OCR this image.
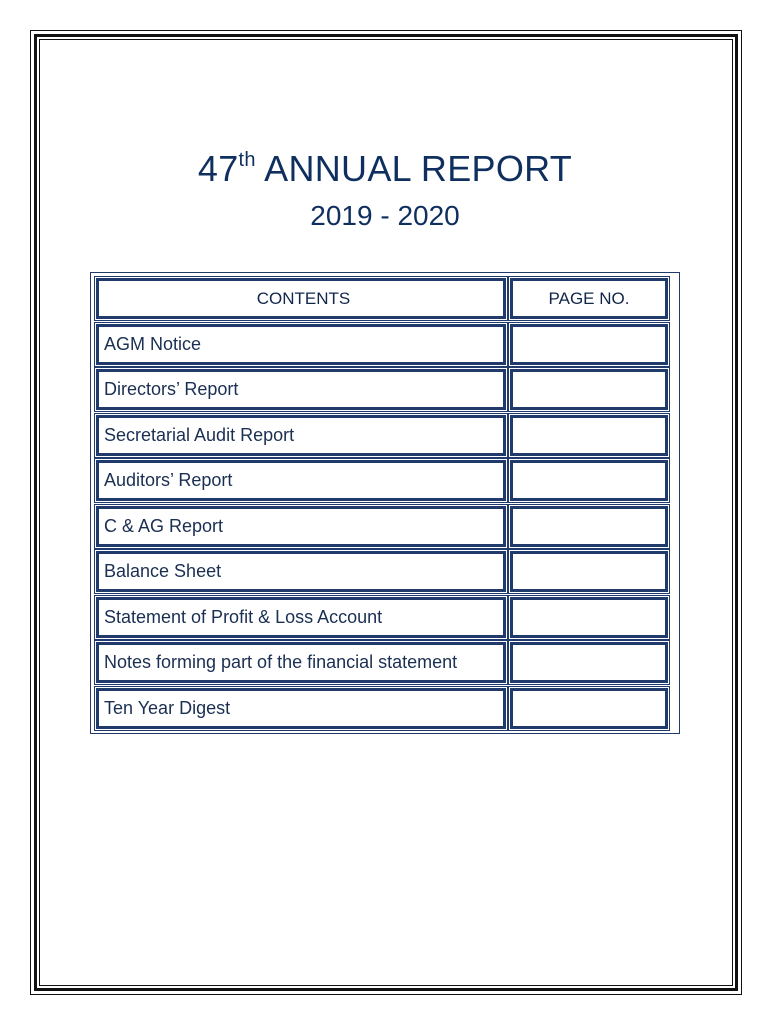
47th ANNUAL REPORT
2019 - 2020
CONTENTS	PAGE NO.
AGM Notice
Directors’ Report
Secretarial Audit Report
Auditors’ Report
C & AG Report
Balance Sheet
Statement of Profit & Loss Account
Notes forming part of the financial statement
Ten Year Digest
